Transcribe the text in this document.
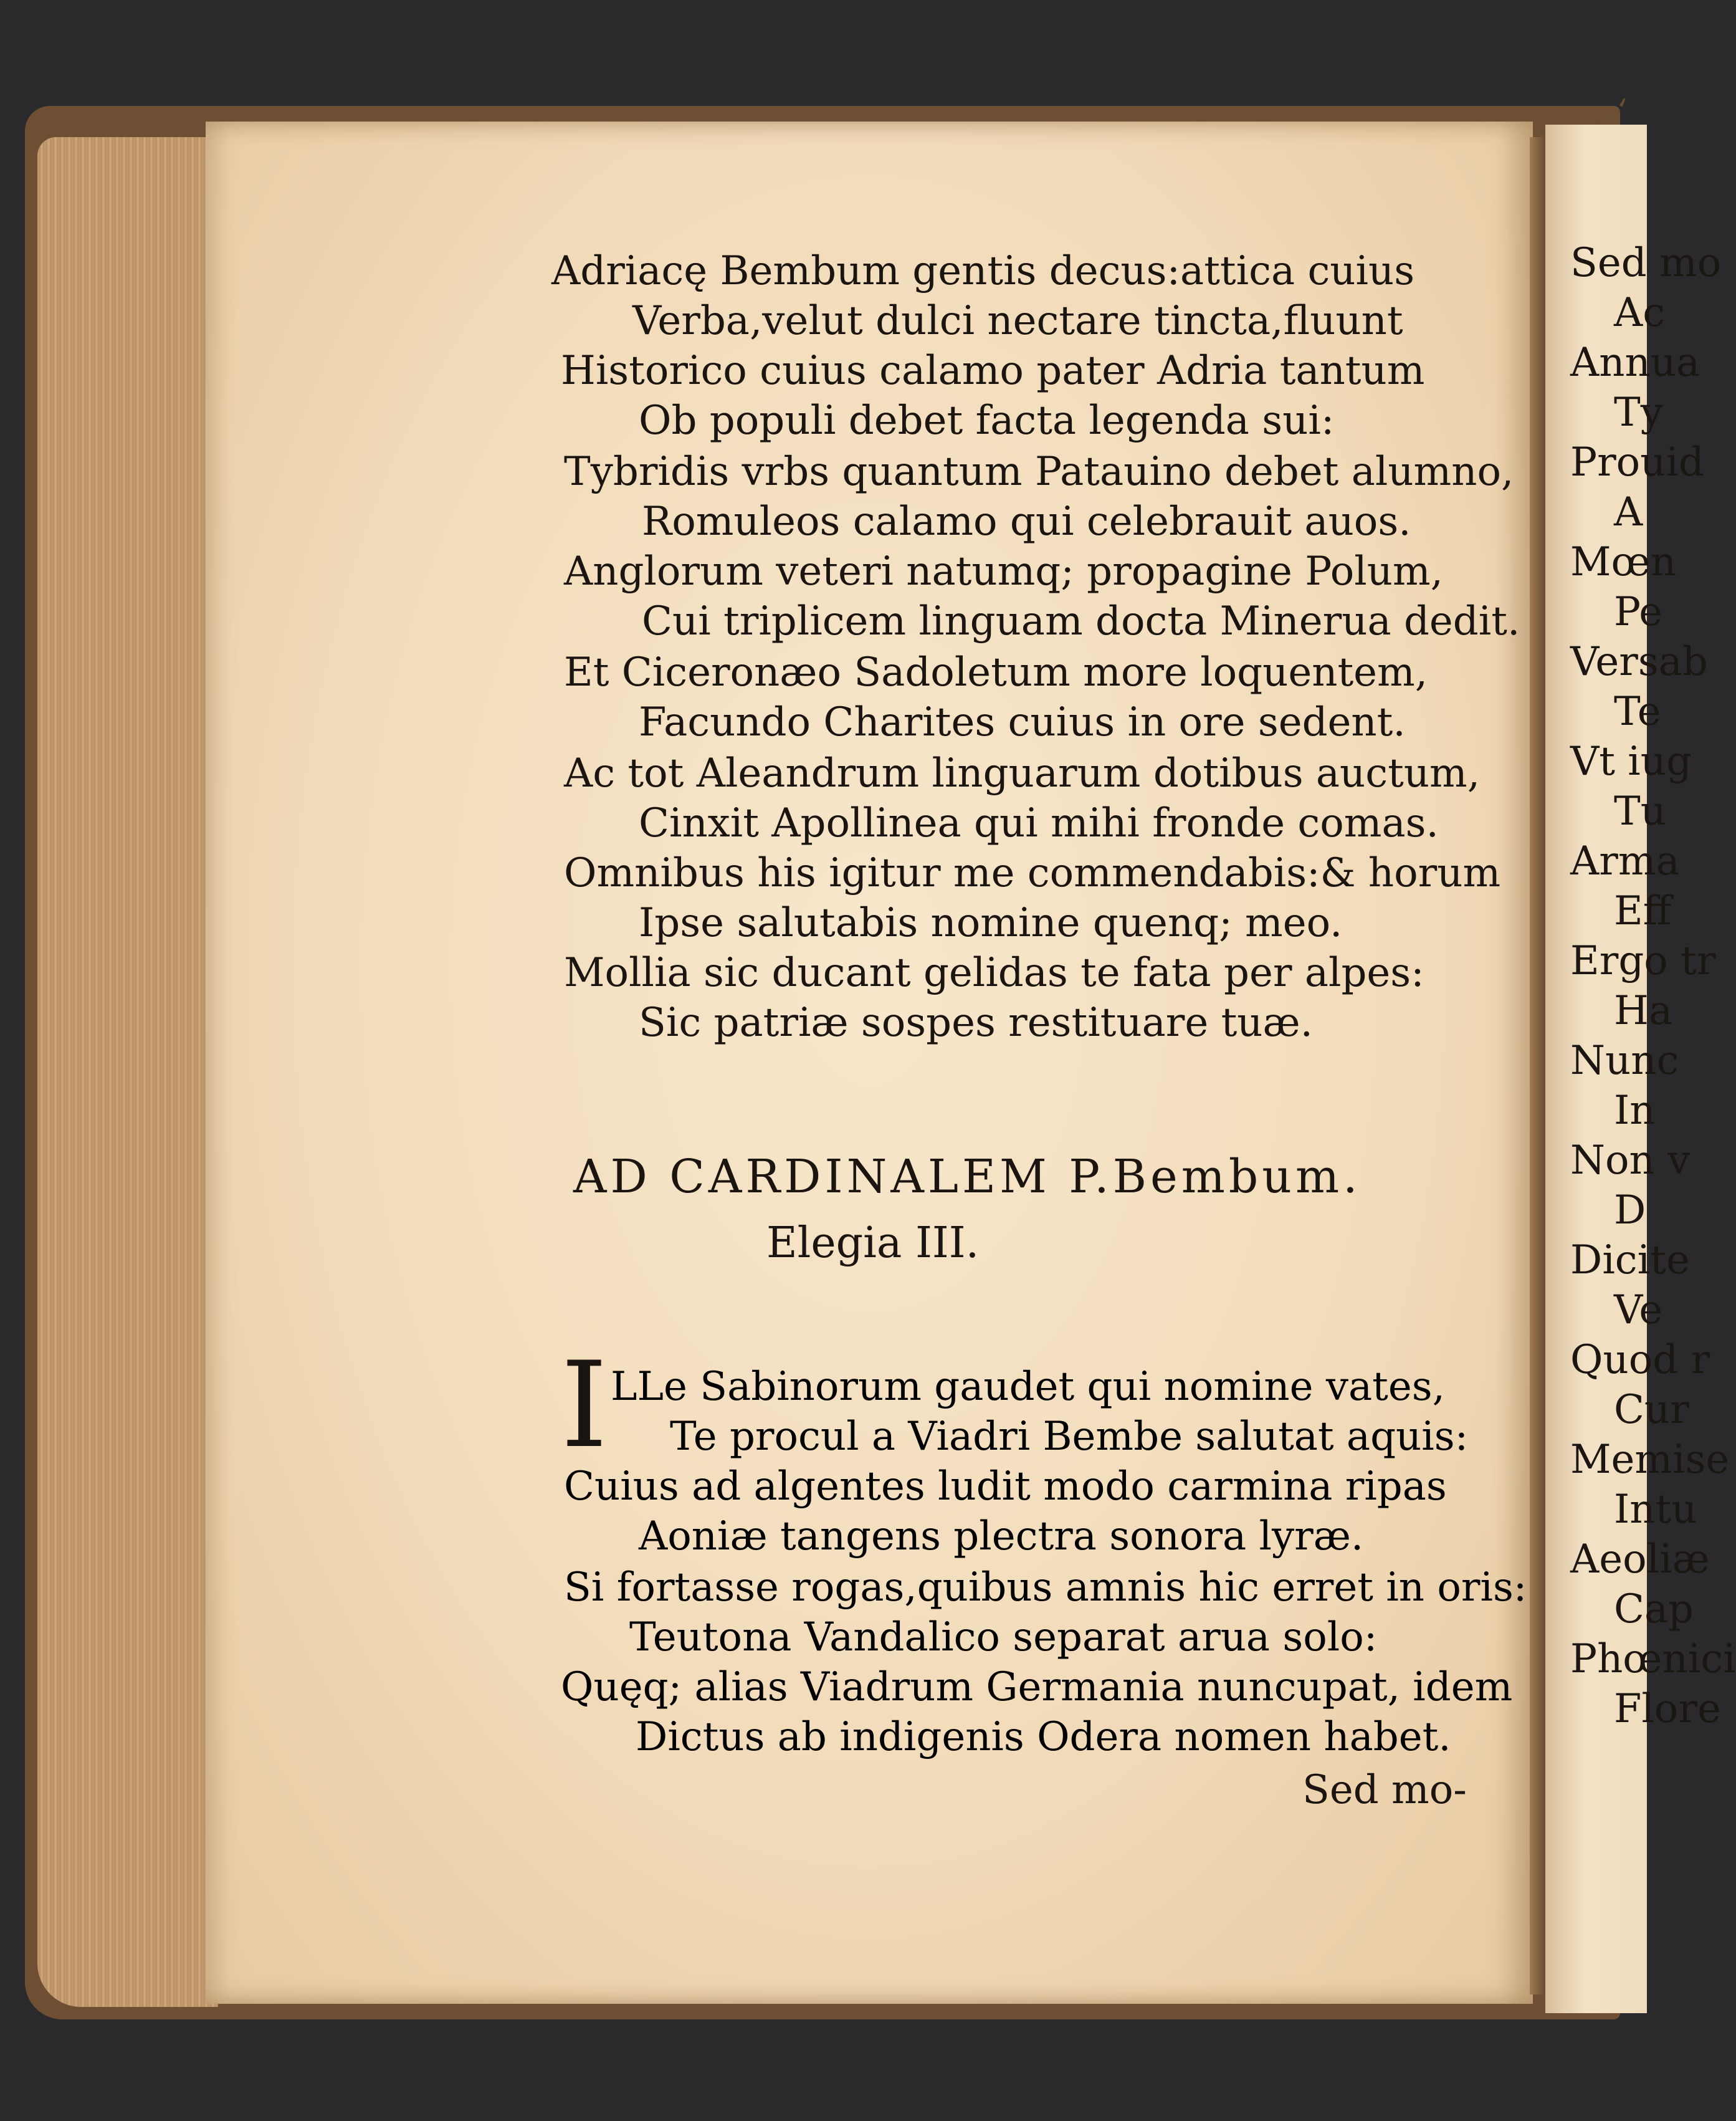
Adriacę Bembum gentis decus:attica cuius
Verba,velut dulci nectare tincta,fluunt
Historico cuius calamo pater Adria tantum
Ob populi debet facta legenda sui:
Tybridis vrbs quantum Patauino debet alumno,
Romuleos calamo qui celebrauit auos.
Anglorum veteri natumq; propagine Polum,
Cui triplicem linguam docta Minerua dedit.
Et Ciceronæo Sadoletum more loquentem,
Facundo Charites cuius in ore sedent.
Ac tot Aleandrum linguarum dotibus auctum,
Cinxit Apollinea qui mihi fronde comas.
Omnibus his igitur me commendabis:& horum
Ipse salutabis nomine quenq; meo.
Mollia sic ducant gelidas te fata per alpes:
Sic patriæ sospes restituare tuæ.
AD CARDINALEM P.Bembum.
Elegia III.
I LLe Sabinorum gaudet qui nomine vates,
Te procul a Viadri Bembe salutat aquis:
Cuius ad algentes ludit modo carmina ripas
Aoniæ tangens plectra sonora lyræ.
Si fortasse rogas,quibus amnis hic erret in oris:
Teutona Vandalico separat arua solo:
Quęq; alias Viadrum Germania nuncupat, idem
Dictus ab indigenis Odera nomen habet.
Sed mo-
Sed mo
Ac
Annua
Ty
Prouid
A
Mœn
Pe
Versab
Te
Vt iug
Tu
Arma
Eff
Ergo tr
Ha
Nunc
In
Non v
D
Dicite
Ve
Quod r
Cur
Memise
Intu
Aeoliæ
Cap
Phœnici
Flore
